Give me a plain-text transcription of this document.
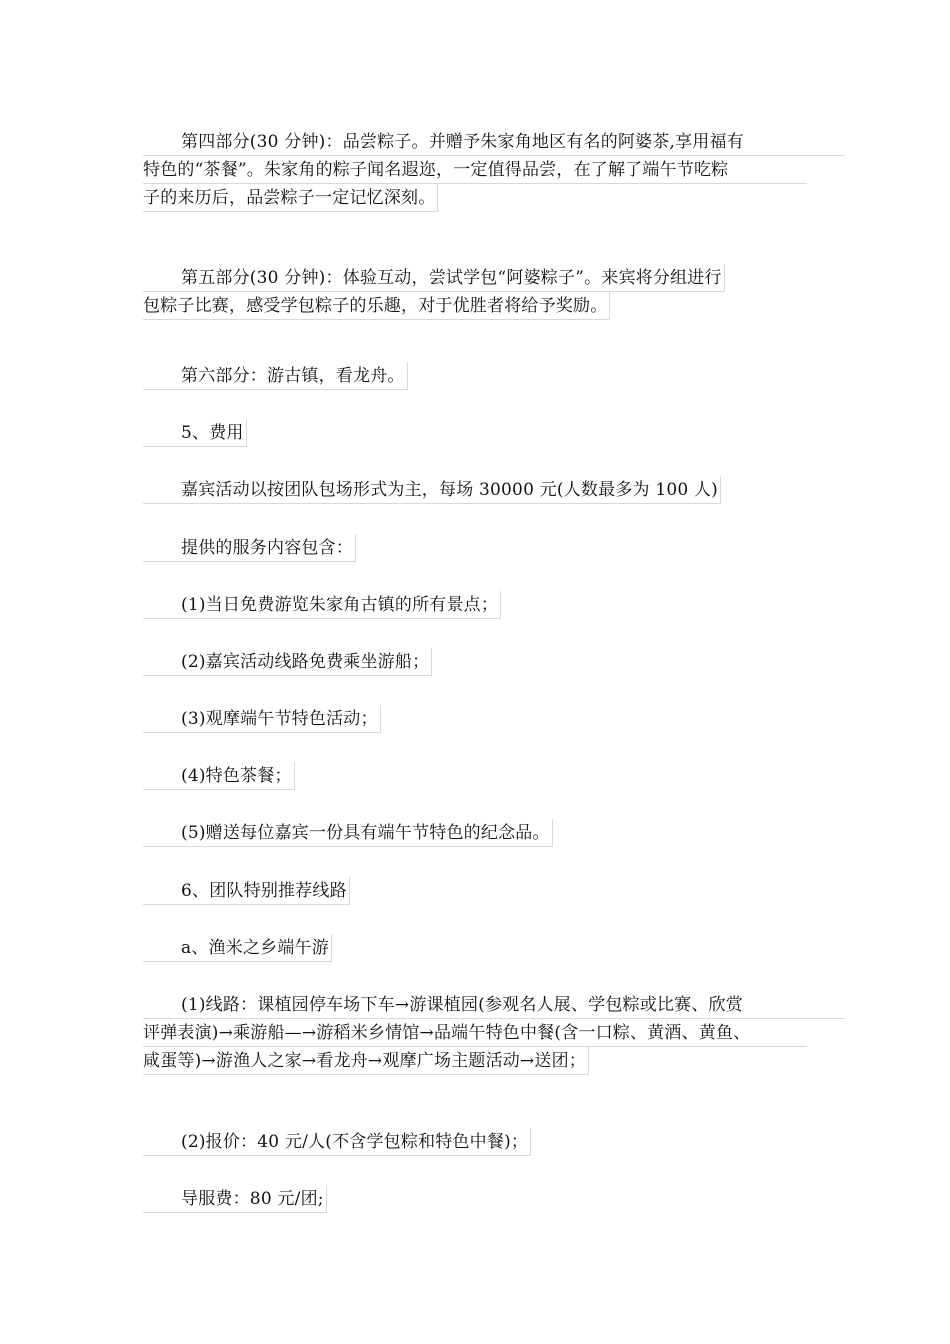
第四部分(30 分钟)：品尝粽子。并赠予朱家角地区有名的阿婆茶,享用福有
特色的“茶餐”。朱家角的粽子闻名遐迩，一定值得品尝，在了解了端午节吃粽
子的来历后，品尝粽子一定记忆深刻。
第五部分(30 分钟)：体验互动，尝试学包“阿婆粽子”。来宾将分组进行
包粽子比赛，感受学包粽子的乐趣，对于优胜者将给予奖励。
第六部分：游古镇，看龙舟。
5、费用
嘉宾活动以按团队包场形式为主，每场 30000 元(人数最多为 100 人)
提供的服务内容包含：
(1)当日免费游览朱家角古镇的所有景点；
(2)嘉宾活动线路免费乘坐游船；
(3)观摩端午节特色活动；
(4)特色茶餐；
(5)赠送每位嘉宾一份具有端午节特色的纪念品。
6、团队特别推荐线路
a、渔米之乡端午游
(1)线路：课植园停车场下车→游课植园(参观名人展、学包粽或比赛、欣赏
评弹表演)→乘游船—→游稻米乡情馆→品端午特色中餐(含一口粽、黄酒、黄鱼、
咸蛋等)→游渔人之家→看龙舟→观摩广场主题活动→送团；
(2)报价：40 元/人(不含学包粽和特色中餐)；
导服费：80 元/团;
